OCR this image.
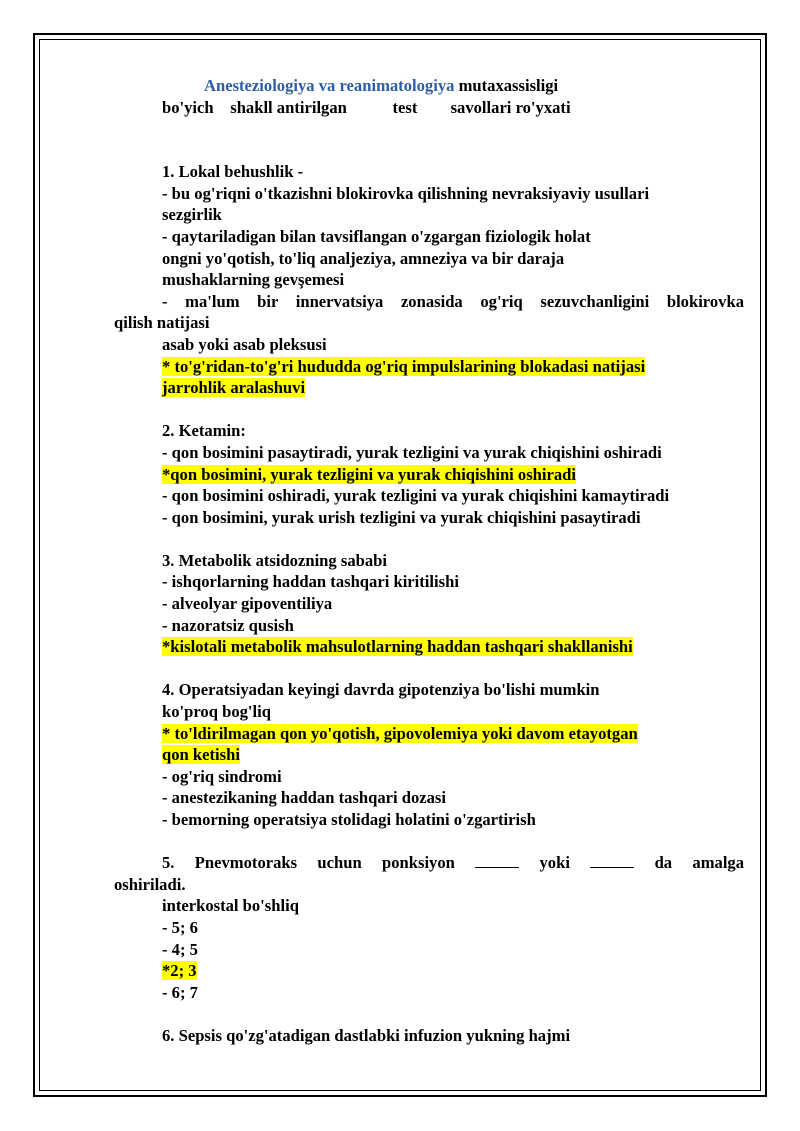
Anesteziologiya va reanimatologiya mutaxassisligi
bo'yich    shakll antirilgan           test        savollari ro'yxati
1. Lokal behushlik -
- bu og'riqni o'tkazishni blokirovka qilishning nevraksiyaviy usullari
sezgirlik
- qaytariladigan bilan tavsiflangan o'zgargan fiziologik holat
ongni yo'qotish, to'liq analjeziya, amneziya va bir daraja
mushaklarning gevşemesi
- ma'lum bir innervatsiya zonasida og'riq sezuvchanligini blokirovka
qilish natijasi
asab yoki asab pleksusi
* to'g'ridan-to'g'ri hududda og'riq impulslarining blokadasi natijasi
jarrohlik aralashuvi
2. Ketamin:
- qon bosimini pasaytiradi, yurak tezligini va yurak chiqishini oshiradi
*qon bosimini, yurak tezligini va yurak chiqishini oshiradi
- qon bosimini oshiradi, yurak tezligini va yurak chiqishini kamaytiradi
- qon bosimini, yurak urish tezligini va yurak chiqishini pasaytiradi
3. Metabolik atsidozning sababi
- ishqorlarning haddan tashqari kiritilishi
- alveolyar gipoventiliya
- nazoratsiz qusish
*kislotali metabolik mahsulotlarning haddan tashqari shakllanishi
4. Operatsiyadan keyingi davrda gipotenziya bo'lishi mumkin
ko'proq bog'liq
* to'ldirilmagan qon yo'qotish, gipovolemiya yoki davom etayotgan
qon ketishi
- og'riq sindromi
- anestezikaning haddan tashqari dozasi
- bemorning operatsiya stolidagi holatini o'zgartirish
5. Pnevmotoraks uchun ponksiyon	yoki	da amalga
oshiriladi.
interkostal bo'shliq
- 5; 6
- 4; 5
*2; 3
- 6; 7
6. Sepsis qo'zg'atadigan dastlabki infuzion yukning hajmi
